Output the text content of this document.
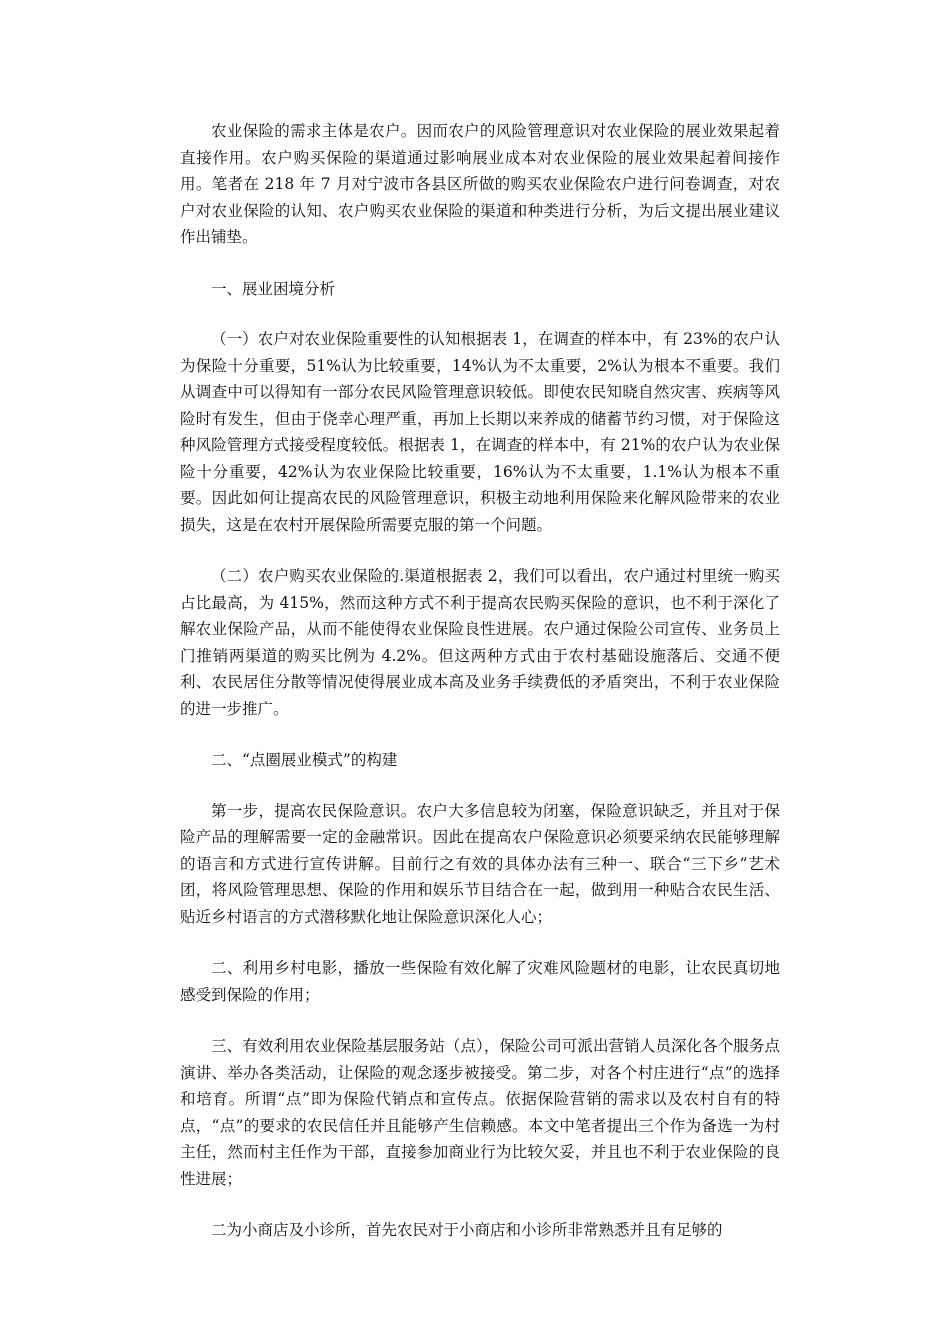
农业保险的需求主体是农户。因而农户的风险管理意识对农业保险的展业效果起着直接作用。农户购买保险的渠道通过影响展业成本对农业保险的展业效果起着间接作用。笔者在 218 年 7 月对宁波市各县区所做的购买农业保险农户进行问卷调查，对农户对农业保险的认知、农户购买农业保险的渠道和种类进行分析，为后文提出展业建议作出铺垫。

一、展业困境分析

（一）农户对农业保险重要性的认知根据表 1，在调查的样本中，有 23%的农户认为保险十分重要，51%认为比较重要，14%认为不太重要，2%认为根本不重要。我们从调查中可以得知有一部分农民风险管理意识较低。即使农民知晓自然灾害、疾病等风险时有发生，但由于侥幸心理严重，再加上长期以来养成的储蓄节约习惯，对于保险这种风险管理方式接受程度较低。根据表 1，在调查的样本中，有 21%的农户认为农业保险十分重要，42%认为农业保险比较重要，16%认为不太重要，1.1%认为根本不重要。因此如何让提高农民的风险管理意识，积极主动地利用保险来化解风险带来的农业损失，这是在农村开展保险所需要克服的第一个问题。

（二）农户购买农业保险的.渠道根据表 2，我们可以看出，农户通过村里统一购买占比最高，为 415%，然而这种方式不利于提高农民购买保险的意识，也不利于深化了解农业保险产品，从而不能使得农业保险良性进展。农户通过保险公司宣传、业务员上门推销两渠道的购买比例为 4.2%。但这两种方式由于农村基础设施落后、交通不便利、农民居住分散等情况使得展业成本高及业务手续费低的矛盾突出，不利于农业保险的进一步推广。

二、“点圈展业模式”的构建

第一步，提高农民保险意识。农户大多信息较为闭塞，保险意识缺乏，并且对于保险产品的理解需要一定的金融常识。因此在提高农户保险意识必须要采纳农民能够理解的语言和方式进行宣传讲解。目前行之有效的具体办法有三种一、联合“三下乡”艺术团，将风险管理思想、保险的作用和娱乐节目结合在一起，做到用一种贴合农民生活、贴近乡村语言的方式潜移默化地让保险意识深化人心；

二、利用乡村电影，播放一些保险有效化解了灾难风险题材的电影，让农民真切地感受到保险的作用；

三、有效利用农业保险基层服务站（点），保险公司可派出营销人员深化各个服务点演讲、举办各类活动，让保险的观念逐步被接受。第二步，对各个村庄进行“点”的选择和培育。所谓“点”即为保险代销点和宣传点。依据保险营销的需求以及农村自有的特点，“点”的要求的农民信任并且能够产生信赖感。本文中笔者提出三个作为备选一为村主任，然而村主任作为干部，直接参加商业行为比较欠妥，并且也不利于农业保险的良性进展；

二为小商店及小诊所，首先农民对于小商店和小诊所非常熟悉并且有足够的
